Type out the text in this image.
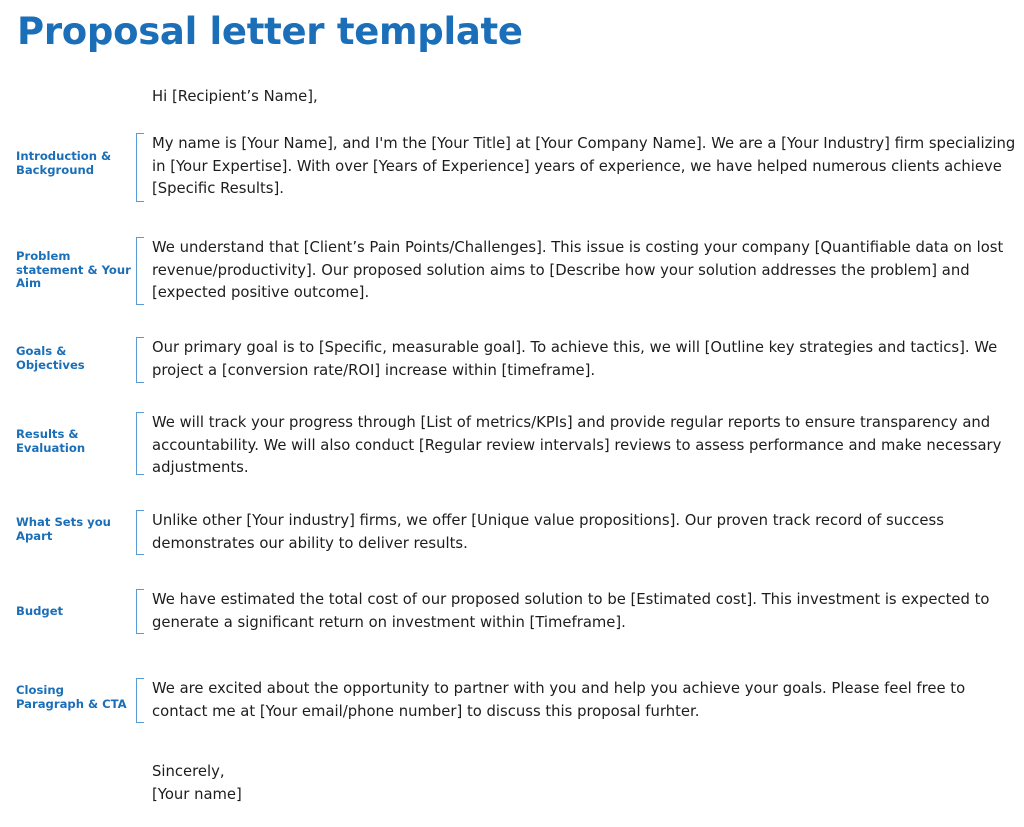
Proposal letter template

Hi [Recipient’s Name],

Introduction & Background

My name is [Your Name], and I'm the [Your Title] at [Your Company Name]. We are a [Your Industry] firm specializing in [Your Expertise]. With over [Years of Experience] years of experience, we have helped numerous clients achieve [Specific Results].

Problem statement & Your Aim

We understand that [Client’s Pain Points/Challenges]. This issue is costing your company [Quantifiable data on lost revenue/productivity]. Our proposed solution aims to [Describe how your solution addresses the problem] and [expected positive outcome].

Goals & Objectives

Our primary goal is to [Specific, measurable goal]. To achieve this, we will [Outline key strategies and tactics]. We project a [conversion rate/ROI] increase within [timeframe].

Results & Evaluation

We will track your progress through [List of metrics/KPIs] and provide regular reports to ensure transparency and accountability. We will also conduct [Regular review intervals] reviews to assess performance and make necessary adjustments.

What Sets you Apart

Unlike other [Your industry] firms, we offer [Unique value propositions]. Our proven track record of success demonstrates our ability to deliver results.

Budget

We have estimated the total cost of our proposed solution to be [Estimated cost]. This investment is expected to generate a significant return on investment within [Timeframe].

Closing Paragraph & CTA

We are excited about the opportunity to partner with you and help you achieve your goals. Please feel free to contact me at [Your email/phone number] to discuss this proposal furhter.

Sincerely,

[Your name]
